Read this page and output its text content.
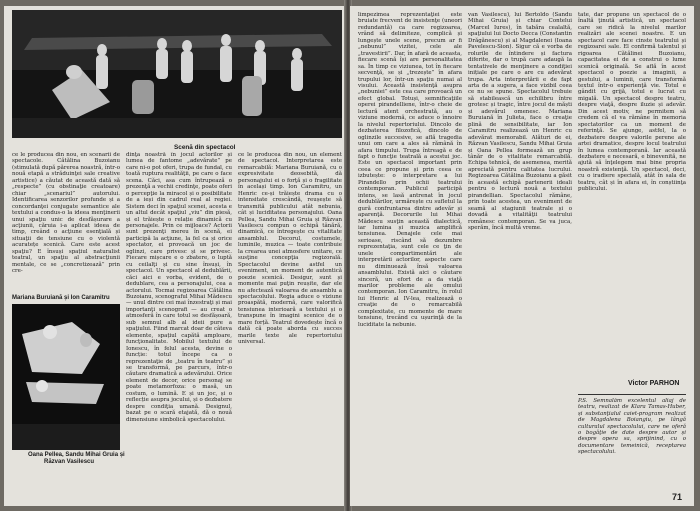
Scenă din spectacol
ce le producea din nou, en scenarii de spectacole. Cătălina Buzoianu (stimulată după părerea noastră, într-o nouă etapă a străduinţei sale creative artistice) a căutat de această dată să „respecte” (cu obstinaţie creatoare) chiar „scenariul” autorului. Identificarea senzorilor profunde și a concordanţei conjugate semantice ale textului a condus-o la ideea menţinerii unui spaţiu unic de desfășurare a acţiunii, căruia i-a aplicat ideea de timp, creând o acţiune esenţială și situaţii de tensiune cu o violentă acuratețe scenică. Care este acest spaţiu? E însuși spațiul naturalist teatral, un spaţiu al abstracţiunii mentale, ce se „concretizează” prin cre-
Mariana Buruiană și Ion Caramitru
Oana Pellea, Sandu Mihai Gruia și
Răzvan Vasilescu
dinţa noastră în jocul actorilor și lumea de fantome „adevărate” pe care ni-o pot oferi, trupa de fundal, cu toată ruptura realităţii, pe care o face scena. Căci, asa cum întrupează o prezenţă a vechii credinţe, poate oferi o percepţie la miracol și o posibilitate de a ieși din cadrul real al regiei. Sistem deci în spaţiul scenei, acesta e un altul decât spaţiul „viu” din piesă, și el trăiește o relație dinamică cu personajele. Prin ce mijloace? Actorii sunt prezenţi mereu în scenă, ei participă la acţiune, la fel ca și orice spectator, ei provoacă un joc de oglinzi, care privesc și se privesc. Fiecare mișcare e o zbatere, o luptă cu ceilalţi și cu sine însuși, în spectacol. Un spectacol al dedublării, căci aici e vorba, evident, de o dedublare, cea a personajului, cea a actorului. Tocmai regizoarea Cătălina Buzoianu, scenograful Mihai Mădescu — unul dintre cei mai înzestraţi și mai importanţi scenografi — au creat o atmosferă în care totul se desfășoară, sub semnul alb al ideii pure a spaţiului. Fiind marcat doar de câteva elemente, spațiul capătă amploare, funcţionalitate. Mobilul textului de Ionescu, în felul acesta, devine o funcție: totul începe ca o reprezentaţie de „teatru în teatru” și se transformă, pe parcurs, într-o căutare dramatică a adevărului. Orice element de decor, orice personaj se poate metamorfoza: o masă, un costum, o lumină. E și un joc, și o reflecție asupra jocului, și o dezbatere despre condiţia umană. Designul, bazat pe o scară etajată, dă o nouă dimensiune simbolică spectacolului.
ce le producea din nou, un element de spectacol. Interpretarea este remarcabilă: Mariana Buruiană, cu o expresivitate deosebită, dă personajului ei o forţă și o fragilitate în același timp. Ion Caramitru, un Henric ce-și trăiește drama cu o intensitate crescândă, reușește să transmită publicului atât nebunia, cât și luciditatea personajului. Oana Pellea, Sandu Mihai Gruia și Răzvan Vasilescu compun o echipă tânără, dinamică, ce întregește cu vitalitate ansamblul. Decorul, costumele, luminile, muzica — toate contribuie la crearea unei atmosfere unitare, ce susţine concepţia regizorală. Spectacolul devine astfel un eveniment, un moment de autentică poezie scenică. Desigur, sunt și momente mai puţin reușite, dar ele nu afectează valoarea de ansamblu a spectacolului. Regia aduce o viziune proaspătă, modernă, care valorifică tensiunea interioară a textului și o transpune în imagini scenice de o mare forță. Teatrul dovedește încă o dată că poate aborda cu succes marile texte ale repertoriului universal.
limpezimea reprezentaţiei este bruiate frecvent de insistenţe (uneori redundantă) ca care regizoarea, vrând să delimiteze, complică și lungește unele scene, precum ar fi „nebunul” vizitei, cele ale „travestirii”. Dar, în afară de aceasta, fiecare scenă își are personalitatea sa. În timp ce viziunea, tot în fiecare secvenţă, se și „trezește” în afara trupului lor, într-un spaţiu numai al visului. Această insistenţă asupra „nebuniei” este cea care provoacă un efect global. Totuși, semnificaţiile operei pirandelliene, într-o cheie de lectură atent orchestrată, au o viziune modernă, ce aduce o înnoire la nivelul repertoriului. Dincolo de dezbaterea filozofică, dincolo de oglinzile succesive, se află tragedia unui om care a ales să rămână în afara timpului. Trupa întreagă e de fapt o funcţie teatrală a acestui joc. Este un spectacol important prin ceea ce propune și prin ceea ce izbutește: o interpretare a lui Pirandello prin ochii teatrului contemporan. Publicul participă intens, se lasă antrenat în jocul dedublărilor, urmărește cu sufletul la gură confruntarea dintre adevăr și aparenţă. Decorurile lui Mihai Mădescu susţin această dialectică, iar lumina și muzica amplifică tensiunea. Denajele cele mai serioase, riscând să dezumbre reprezentaţia, sunt cele ce ţin de unele compartimentări ale interpretării actorilor, aspecte care nu diminuează însă valoarea ansamblului. Există aici o căutare sinceră, un efort de a da viaţă marilor probleme ale omului contemporan. Ion Caramitru, în rolul lui Henric al IV-lea, realizează o creaţie de o remarcabilă complexitate, cu momente de mare tensiune, trecând cu ușurinţă de la luciditate la nebunie.
van Vasilescu), lui Bertoldo (Sandu Mihai Gruia) și chiar Contelui (Marcel Iures), în tabăra cealaltă, spaţiului lui Docto Decca (Constantin Drăgănescu) și al Magdalenei (Ioana Pavelescu-Sion). Sigur că e vorba de rolurile de întindere și factura diferite, dar o trupă care adaugă la tentativele de menţinere a condiţiei inițiale pe care o are cu adevărat trupa. Arta interpretării e de fapt arta de a sugera, a face vizibil ceea ce nu se spune. Spectacolul trebuie să stabilească un echilibru între grotesc și tragic, între jocul de măști și adevărul omenesc. Mariana Buruiană în Julieta, face o creaţie plină de sensibilitate, iar Ion Caramitru realizează un Henric cu adevărat memorabil. Alături de ei, Răzvan Vasilescu, Sandu Mihai Gruia și Oana Pellea formează un grup tânăr de o vitalitate remarcabilă. Echipa tehnică, de asemenea, merită apreciată pentru calitatea lucrului. Regizoarea Cătălina Buzoianu a găsit în această echipă partenerii ideali pentru o lectură nouă a textului pirandellian. Spectacolul rămâne, prin toate acestea, un eveniment de seamă al stagiunii teatrale și o dovadă a vitalităţii teatrului românesc contemporan. Se va juca, sperăm, încă multă vreme.
tate, dar propune un spectacol de o înaltă ţinută artistică, un spectacol care se ridică la nivelul marilor realizări ale scenei noastre. E un spectacol care face cinste teatrului și regizoarei sale. El confirmă talentul și rigoarea Cătălinei Buzoianu, capacitatea ei de a construi o lume scenică originală. Se află în acest spectacol o poezie a imaginii, a gestului, a luminii, care transformă textul într-o experienţă vie. Totul e gândit cu grijă, totul e lucrat cu migală. Un spectacol despre teatru, despre viaţă, despre iluzie și adevăr. Din acest motiv, ne permitem să credem că el va rămâne în memoria spectatorilor ca un moment de referinţă. Se ajunge, astfel, la o dezbatere despre valorile perene ale artei dramatice, despre locul teatrului în lumea contemporană. Iar această dezbatere e necesară, e binevenită, ne ajută să înţelegem mai bine propria noastră existenţă. Un spectacol, deci, cu o iradiere specială, atât în sala de teatru, cât și în afara ei, în conștiinţa publicului.
Victor PARHON
P.S. Semnalăm excelentul aliaj de teatru, realizat de Klara Tamas-Huber, și substanţialul caiet-program realizat de Magdalena Boiangiu, pe lângă culturalul spectacolului, care ne oferă o bogăţie de date despre autor și despre opera sa, sprijinind, cu o documentare temeinică, receptarea spectacolului.
71
